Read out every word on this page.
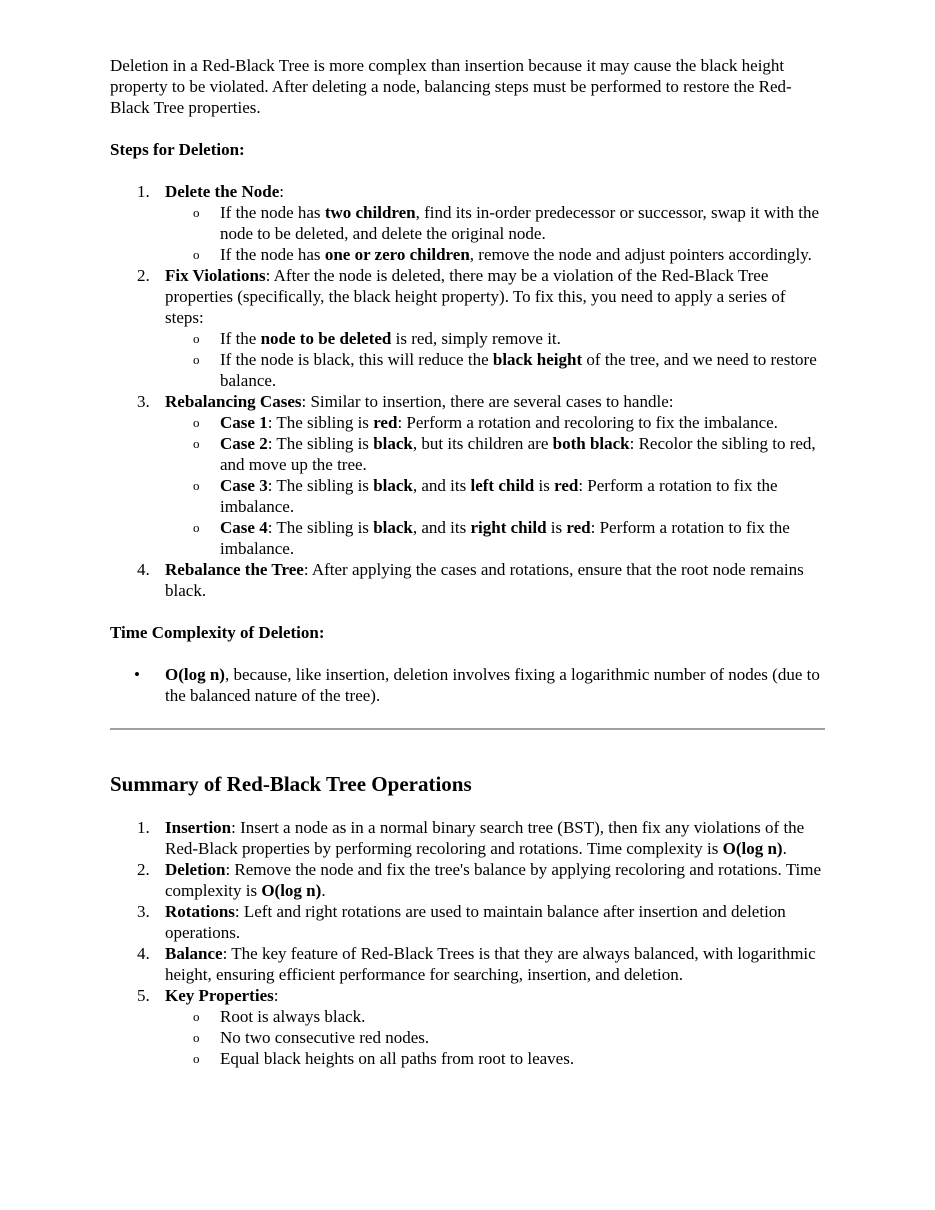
Deletion in a Red-Black Tree is more complex than insertion because it may cause the black height property to be violated. After deleting a node, balancing steps must be performed to restore the Red-Black Tree properties.

Steps for Deletion:

1. Delete the Node:
o If the node has two children, find its in-order predecessor or successor, swap it with the node to be deleted, and delete the original node.
o If the node has one or zero children, remove the node and adjust pointers accordingly.
2. Fix Violations: After the node is deleted, there may be a violation of the Red-Black Tree properties (specifically, the black height property). To fix this, you need to apply a series of steps:
o If the node to be deleted is red, simply remove it.
o If the node is black, this will reduce the black height of the tree, and we need to restore balance.
3. Rebalancing Cases: Similar to insertion, there are several cases to handle:
o Case 1: The sibling is red: Perform a rotation and recoloring to fix the imbalance.
o Case 2: The sibling is black, but its children are both black: Recolor the sibling to red, and move up the tree.
o Case 3: The sibling is black, and its left child is red: Perform a rotation to fix the imbalance.
o Case 4: The sibling is black, and its right child is red: Perform a rotation to fix the imbalance.
4. Rebalance the Tree: After applying the cases and rotations, ensure that the root node remains black.

Time Complexity of Deletion:

• O(log n), because, like insertion, deletion involves fixing a logarithmic number of nodes (due to the balanced nature of the tree).

Summary of Red-Black Tree Operations

1. Insertion: Insert a node as in a normal binary search tree (BST), then fix any violations of the Red-Black properties by performing recoloring and rotations. Time complexity is O(log n).
2. Deletion: Remove the node and fix the tree's balance by applying recoloring and rotations. Time complexity is O(log n).
3. Rotations: Left and right rotations are used to maintain balance after insertion and deletion operations.
4. Balance: The key feature of Red-Black Trees is that they are always balanced, with logarithmic height, ensuring efficient performance for searching, insertion, and deletion.
5. Key Properties:
o Root is always black.
o No two consecutive red nodes.
o Equal black heights on all paths from root to leaves.
